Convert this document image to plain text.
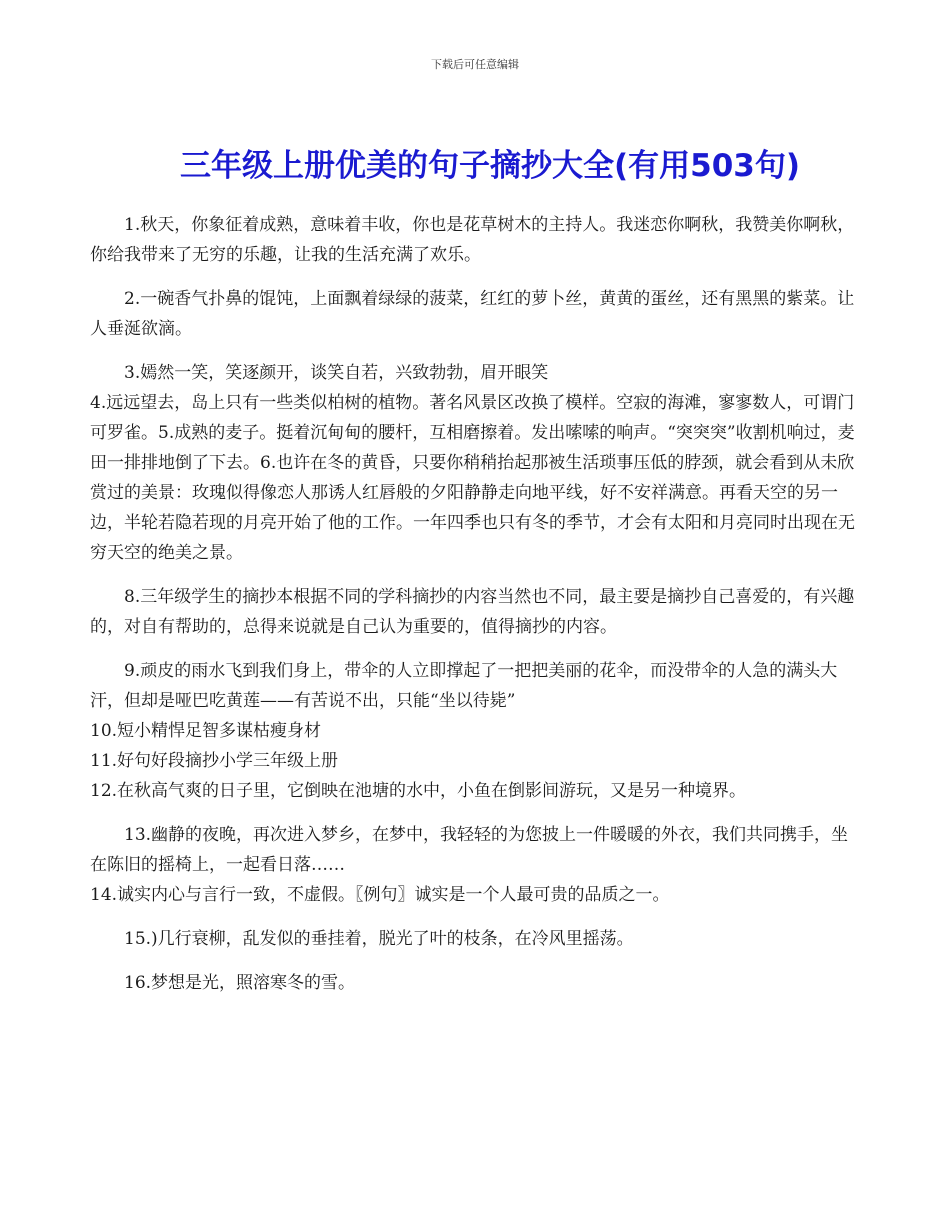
下载后可任意编辑
三年级上册优美的句子摘抄大全(有用503句)

1.秋天，你象征着成熟，意味着丰收，你也是花草树木的主持人。我迷恋你啊秋，我赞美你啊秋，你给我带来了无穷的乐趣，让我的生活充满了欢乐。

2.一碗香气扑鼻的馄饨，上面飘着绿绿的菠菜，红红的萝卜丝，黄黄的蛋丝，还有黑黑的紫菜。让人垂涎欲滴。

3.嫣然一笑，笑逐颜开，谈笑自若，兴致勃勃，眉开眼笑

4.远远望去，岛上只有一些类似柏树的植物。著名风景区改换了模样。空寂的海滩，寥寥数人，可谓门可罗雀。5.成熟的麦子。挺着沉甸甸的腰杆，互相磨擦着。发出嗦嗦的响声。“突突突”收割机响过，麦田一排排地倒了下去。6.也许在冬的黄昏，只要你稍稍抬起那被生活琐事压低的脖颈，就会看到从未欣赏过的美景：玫瑰似得像恋人那诱人红唇般的夕阳静静走向地平线，好不安祥满意。再看天空的另一边，半轮若隐若现的月亮开始了他的工作。一年四季也只有冬的季节，才会有太阳和月亮同时出现在无穷天空的绝美之景。

8.三年级学生的摘抄本根据不同的学科摘抄的内容当然也不同，最主要是摘抄自己喜爱的，有兴趣的，对自有帮助的，总得来说就是自己认为重要的，值得摘抄的内容。

9.顽皮的雨水飞到我们身上，带伞的人立即撑起了一把把美丽的花伞，而没带伞的人急的满头大汗，但却是哑巴吃黄莲——有苦说不出，只能“坐以待毙”

10.短小精悍足智多谋枯瘦身材

11.好句好段摘抄小学三年级上册

12.在秋高气爽的日子里，它倒映在池塘的水中，小鱼在倒影间游玩，又是另一种境界。

13.幽静的夜晚，再次进入梦乡，在梦中，我轻轻的为您披上一件暖暖的外衣，我们共同携手，坐在陈旧的摇椅上，一起看日落……

14.诚实内心与言行一致，不虚假。〖例句〗诚实是一个人最可贵的品质之一。

15.)几行衰柳，乱发似的垂挂着，脱光了叶的枝条，在冷风里摇荡。

16.梦想是光，照溶寒冬的雪。
